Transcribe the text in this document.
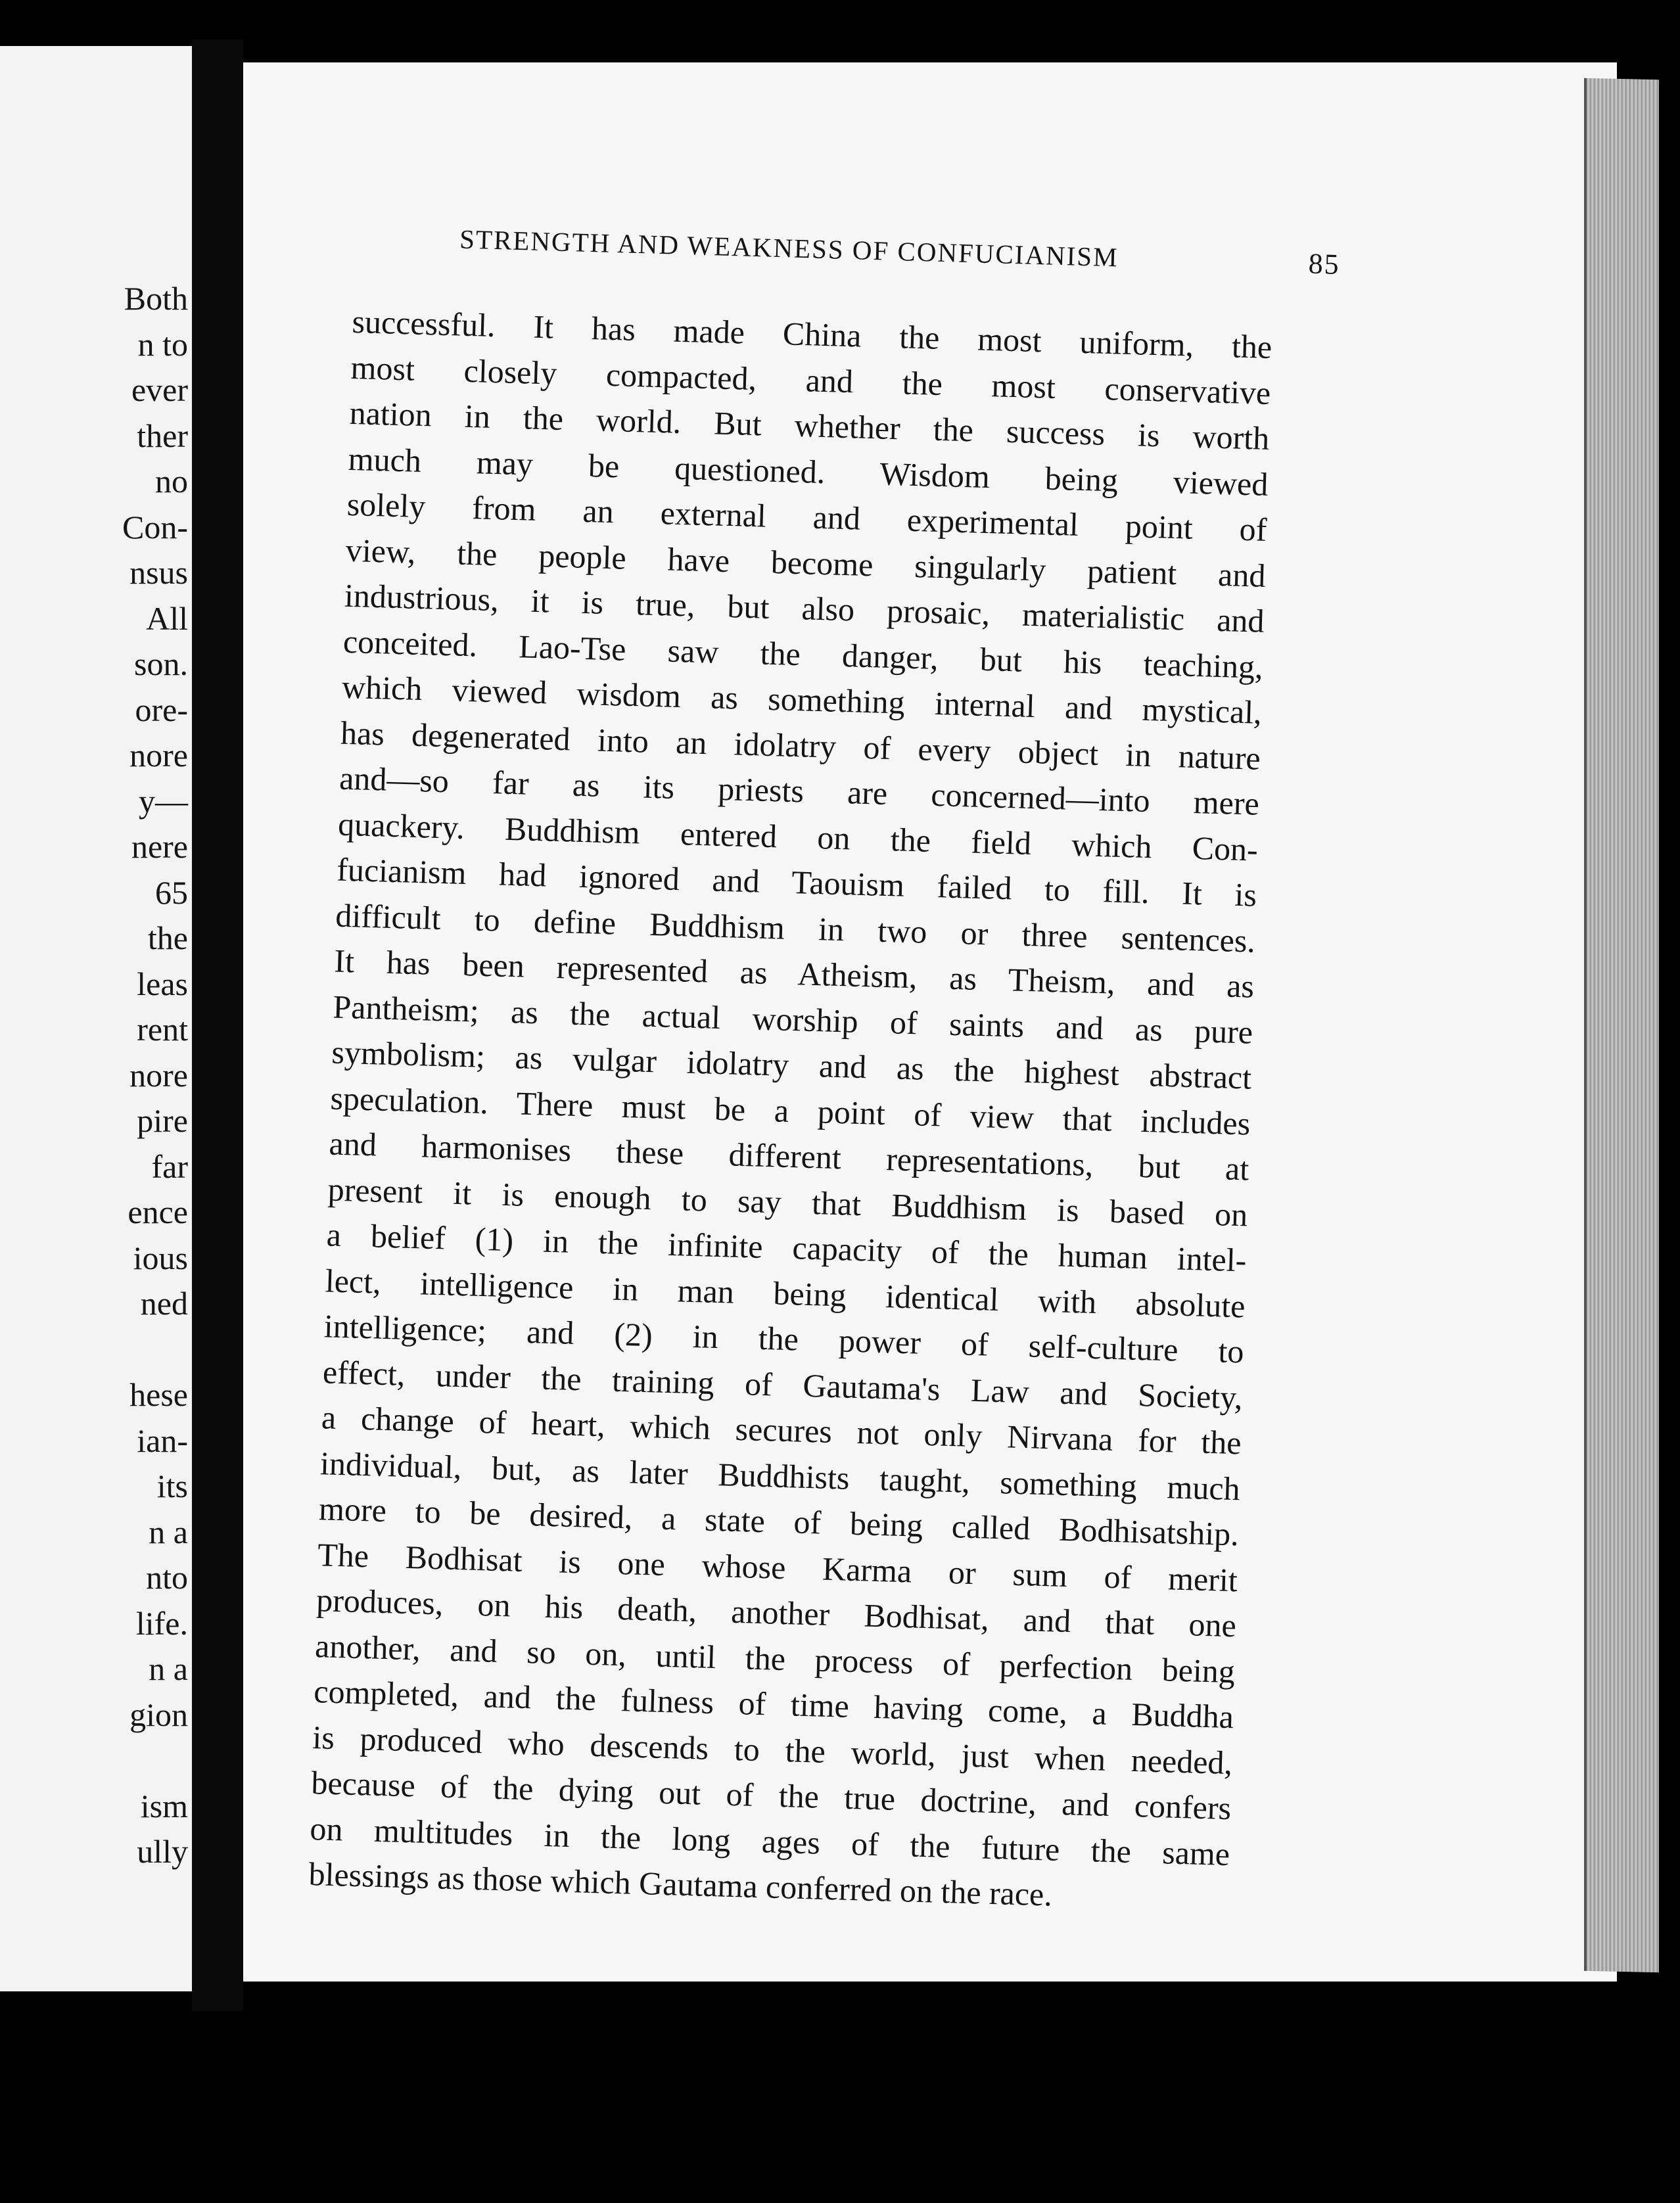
Both
n to
ever
ther
no
Con-
nsus
All
son.
ore-
nore
y—
nere
65
the
leas
rent
nore
pire
far
ence
ious
ned
hese
ian-
its
n a
nto
life.
n a
gion
ism
ully
STRENGTH AND WEAKNESS OF CONFUCIANISM	85
successful. It has made China the most uniform, the
most closely compacted, and the most conservative
nation in the world. But whether the success is worth
much may be questioned. Wisdom being viewed
solely from an external and experimental point of
view, the people have become singularly patient and
industrious, it is true, but also prosaic, materialistic and
conceited. Lao-Tse saw the danger, but his teaching,
which viewed wisdom as something internal and mystical,
has degenerated into an idolatry of every object in nature
and—so far as its priests are concerned—into mere
quackery. Buddhism entered on the field which Con-
fucianism had ignored and Taouism failed to fill. It is
difficult to define Buddhism in two or three sentences.
It has been represented as Atheism, as Theism, and as
Pantheism; as the actual worship of saints and as pure
symbolism; as vulgar idolatry and as the highest abstract
speculation. There must be a point of view that includes
and harmonises these different representations, but at
present it is enough to say that Buddhism is based on
a belief (1) in the infinite capacity of the human intel-
lect, intelligence in man being identical with absolute
intelligence; and (2) in the power of self-culture to
effect, under the training of Gautama's Law and Society,
a change of heart, which secures not only Nirvana for the
individual, but, as later Buddhists taught, something much
more to be desired, a state of being called Bodhisatship.
The Bodhisat is one whose Karma or sum of merit
produces, on his death, another Bodhisat, and that one
another, and so on, until the process of perfection being
completed, and the fulness of time having come, a Buddha
is produced who descends to the world, just when needed,
because of the dying out of the true doctrine, and confers
on multitudes in the long ages of the future the same
blessings as those which Gautama conferred on the race.
